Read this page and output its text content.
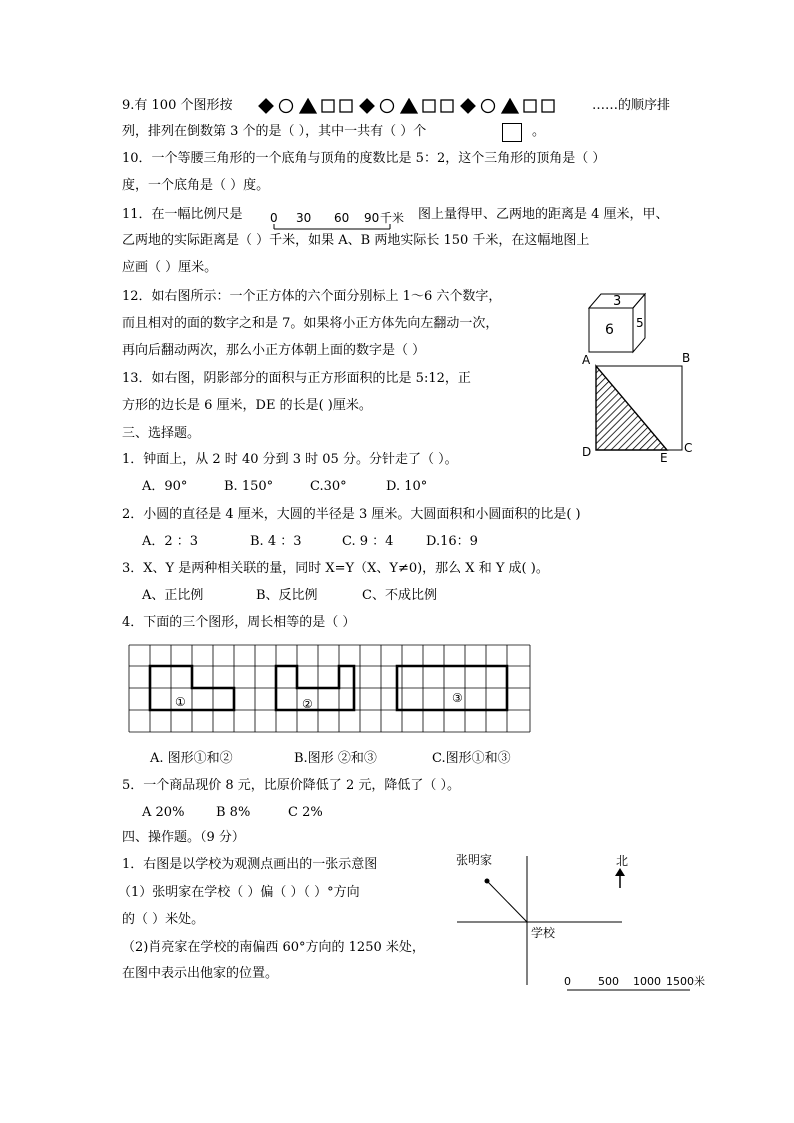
9.有 100 个图形按	……的顺序排
列，排列在倒数第 3 个的是（ ），其中一共有（ ）个	。
10．一个等腰三角形的一个底角与顶角的度数比是 5：2，这个三角形的顶角是（ ）
度，一个底角是（ ）度。
11．在一幅比例尺是 0 30 60 90 千米 图上量得甲、乙两地的距离是 4 厘米，甲、
乙两地的实际距离是（ ）千米，如果 A、B 两地实际长 150 千米，在这幅地图上
应画（ ）厘米。
12．如右图所示：一个正方体的六个面分别标上 1～6 六个数字，
而且相对的面的数字之和是 7。如果将小正方体先向左翻动一次，
再向后翻动两次，那么小正方体朝上面的数字是（ ）
6
3
5
13．如右图，阴影部分的面积与正方形面积的比是 5:12，正
方形的边长是 6 厘米，DE 的长是( )厘米。
A	B
C
D	E
三、选择题。
1．钟面上，从 2 时 40 分到 3 时 05 分。分针走了（ ）。
A．90°	B. 150°	C.30°	D. 10°
2．小圆的直径是 4 厘米，大圆的半径是 3 厘米。大圆面积和小圆面积的比是( )
A．2 ：3	B. 4 ：3	C. 9 ：4	D.16：9
3．X、Y 是两种相关联的量，同时 X=Y（X、Y≠0)，那么 X 和 Y 成( )。
A、正比例	B、反比例	C、不成比例
4．下面的三个图形，周长相等的是（ ）
①	②	③
A. 图形①和②	B.图形 ②和③	C.图形①和③
5．一个商品现价 8 元，比原价降低了 2 元，降低了（ ）。
A 20% B 8%	C 2%
四、操作题。（9 分）
1．右图是以学校为观测点画出的一张示意图
（1）张明家在学校（ ）偏（ ）（ ）°方向
的（ ）米处。
（2)肖亮家在学校的南偏西 60°方向的 1250 米处，
在图中表示出他家的位置。
张明家
学校
北
0 500 1000 1500米
